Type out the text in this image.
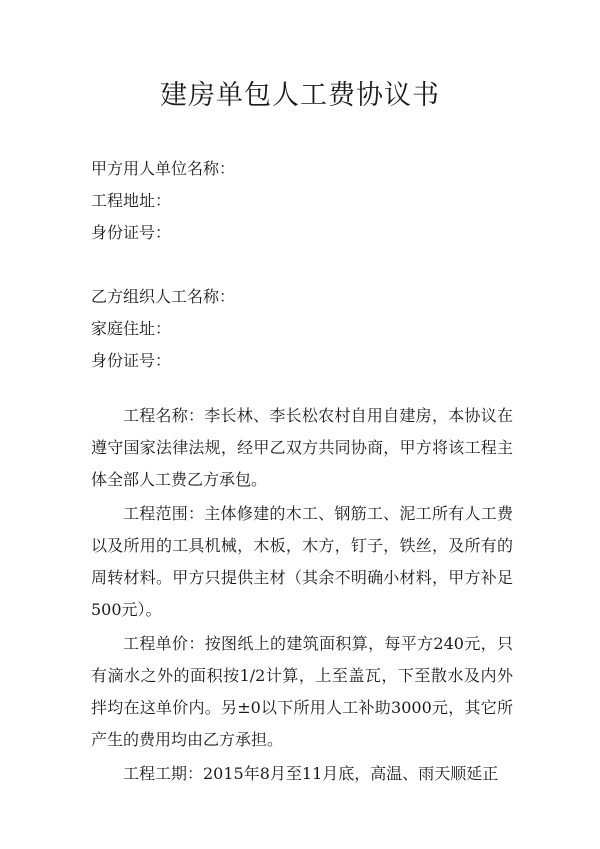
建房单包人工费协议书
甲方用人单位名称：
工程地址：
身份证号：
乙方组织人工名称：
家庭住址：
身份证号：

工程名称：李长林、李长松农村自用自建房，本协议在遵守国家法律法规，经甲乙双方共同协商，甲方将该工程主体全部人工费乙方承包。

工程范围：主体修建的木工、钢筋工、泥工所有人工费以及所用的工具机械，木板，木方，钉子，铁丝，及所有的周转材料。甲方只提供主材（其余不明确小材料，甲方补足500元）。

工程单价：按图纸上的建筑面积算，每平方240元，只有滴水之外的面积按1/2计算，上至盖瓦，下至散水及内外拌均在这单价内。另±0以下所用人工补助3000元，其它所产生的费用均由乙方承担。

工程工期：2015年8月至11月底，高温、雨天顺延正
